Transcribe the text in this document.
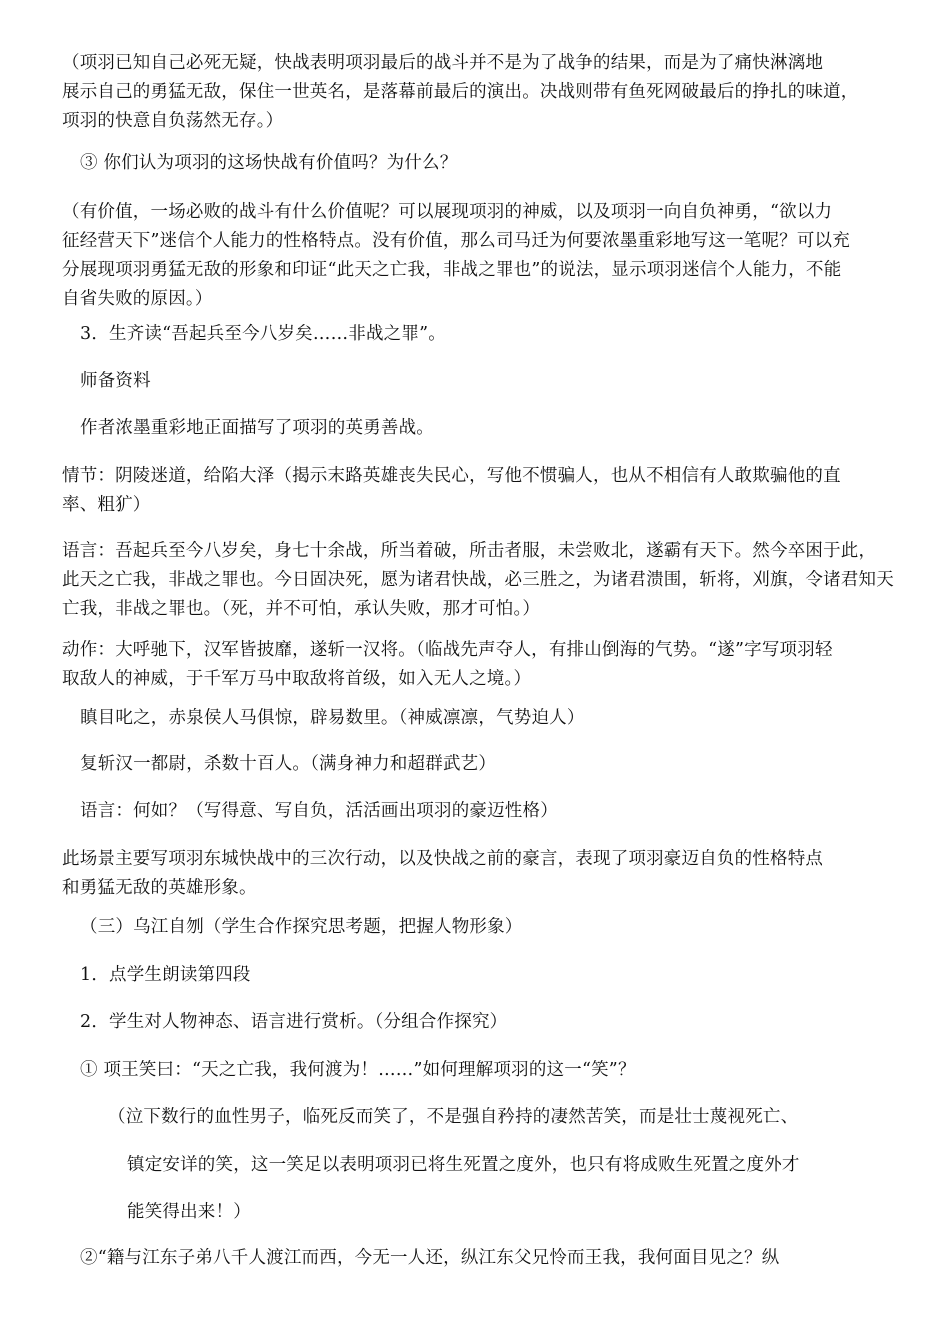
（项羽已知自己必死无疑，快战表明项羽最后的战斗并不是为了战争的结果，而是为了痛快淋漓地
展示自己的勇猛无敌，保住一世英名，是落幕前最后的演出。决战则带有鱼死网破最后的挣扎的味道，
项羽的快意自负荡然无存。）
③ 你们认为项羽的这场快战有价值吗？为什么？
（有价值，一场必败的战斗有什么价值呢？可以展现项羽的神威，以及项羽一向自负神勇，“欲以力
征经营天下”迷信个人能力的性格特点。没有价值，那么司马迁为何要浓墨重彩地写这一笔呢？可以充
分展现项羽勇猛无敌的形象和印证“此天之亡我，非战之罪也”的说法，显示项羽迷信个人能力，不能
自省失败的原因。）
3．生齐读“吾起兵至今八岁矣……非战之罪”。
师备资料
作者浓墨重彩地正面描写了项羽的英勇善战。
情节：阴陵迷道，给陷大泽（揭示末路英雄丧失民心，写他不惯骗人，也从不相信有人敢欺骗他的直
率、粗犷）
语言：吾起兵至今八岁矣，身七十余战，所当着破，所击者服，未尝败北，遂霸有天下。然今卒困于此，
此天之亡我，非战之罪也。今日固决死，愿为诸君快战，必三胜之，为诸君溃围，斩将，刈旗，令诸君知天
亡我，非战之罪也。（死，并不可怕，承认失败，那才可怕。）
动作：大呼驰下，汉军皆披靡，遂斩一汉将。（临战先声夺人，有排山倒海的气势。“遂”字写项羽轻
取敌人的神威，于千军万马中取敌将首级，如入无人之境。）
瞋目叱之，赤泉侯人马俱惊，辟易数里。（神威凛凛，气势迫人）
复斩汉一都尉，杀数十百人。（满身神力和超群武艺）
语言：何如？（写得意、写自负，活活画出项羽的豪迈性格）
此场景主要写项羽东城快战中的三次行动，以及快战之前的豪言，表现了项羽豪迈自负的性格特点
和勇猛无敌的英雄形象。
（三）乌江自刎（学生合作探究思考题，把握人物形象）
1．点学生朗读第四段
2．学生对人物神态、语言进行赏析。（分组合作探究）
① 项王笑曰：“天之亡我，我何渡为！……”如何理解项羽的这一“笑”？
（泣下数行的血性男子，临死反而笑了，不是强自矜持的凄然苦笑，而是壮士蔑视死亡、
镇定安详的笑，这一笑足以表明项羽已将生死置之度外，也只有将成败生死置之度外才
能笑得出来！）
②“籍与江东子弟八千人渡江而西，今无一人还，纵江东父兄怜而王我，我何面目见之？纵
